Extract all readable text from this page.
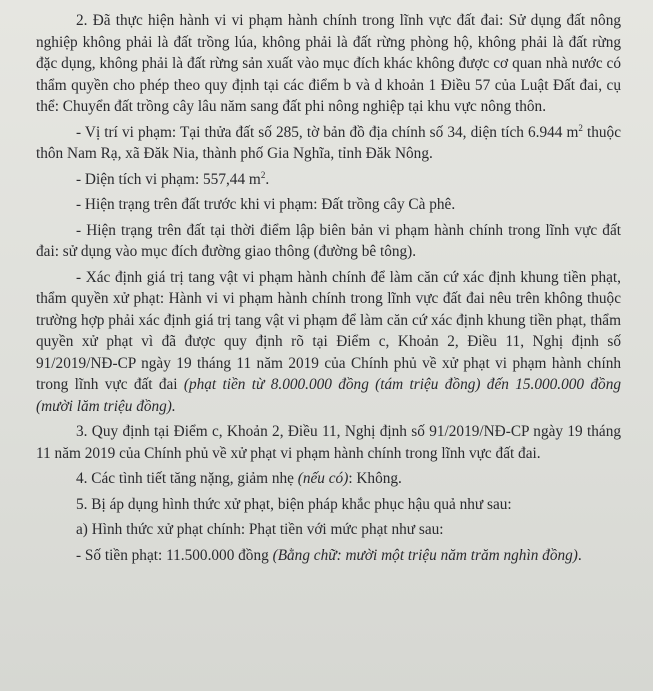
2. Đã thực hiện hành vi vi phạm hành chính trong lĩnh vực đất đai: Sử dụng đất nông nghiệp không phải là đất trồng lúa, không phải là đất rừng phòng hộ, không phải là đất rừng đặc dụng, không phải là đất rừng sản xuất vào mục đích khác không được cơ quan nhà nước có thẩm quyền cho phép theo quy định tại các điểm b và d khoản 1 Điều 57 của Luật Đất đai, cụ thể: Chuyển đất trồng cây lâu năm sang đất phi nông nghiệp tại khu vực nông thôn.

- Vị trí vi phạm: Tại thửa đất số 285, tờ bản đồ địa chính số 34, diện tích 6.944 $m^2$ thuộc thôn Nam Rạ, xã Đăk Nia, thành phố Gia Nghĩa, tỉnh Đăk Nông.

- Diện tích vi phạm: 557,44 $m^2$.

- Hiện trạng trên đất trước khi vi phạm: Đất trồng cây Cà phê.

- Hiện trạng trên đất tại thời điểm lập biên bản vi phạm hành chính trong lĩnh vực đất đai: sử dụng vào mục đích đường giao thông (đường bê tông).

- Xác định giá trị tang vật vi phạm hành chính để làm căn cứ xác định khung tiền phạt, thẩm quyền xử phạt: Hành vi vi phạm hành chính trong lĩnh vực đất đai nêu trên không thuộc trường hợp phải xác định giá trị tang vật vi phạm để làm căn cứ xác định khung tiền phạt, thẩm quyền xử phạt vì đã được quy định rõ tại Điểm c, Khoản 2, Điều 11, Nghị định số 91/2019/NĐ-CP ngày 19 tháng 11 năm 2019 của Chính phủ về xử phạt vi phạm hành chính trong lĩnh vực đất đai (phạt tiền từ 8.000.000 đồng (tám triệu đồng) đến 15.000.000 đồng (mười lăm triệu đồng).

3. Quy định tại Điểm c, Khoản 2, Điều 11, Nghị định số 91/2019/NĐ-CP ngày 19 tháng 11 năm 2019 của Chính phủ về xử phạt vi phạm hành chính trong lĩnh vực đất đai.

4. Các tình tiết tăng nặng, giảm nhẹ (nếu có): Không.

5. Bị áp dụng hình thức xử phạt, biện pháp khắc phục hậu quả như sau:

a) Hình thức xử phạt chính: Phạt tiền với mức phạt như sau:

- Số tiền phạt: 11.500.000 đồng (Bằng chữ: mười một triệu năm trăm nghìn đồng).
